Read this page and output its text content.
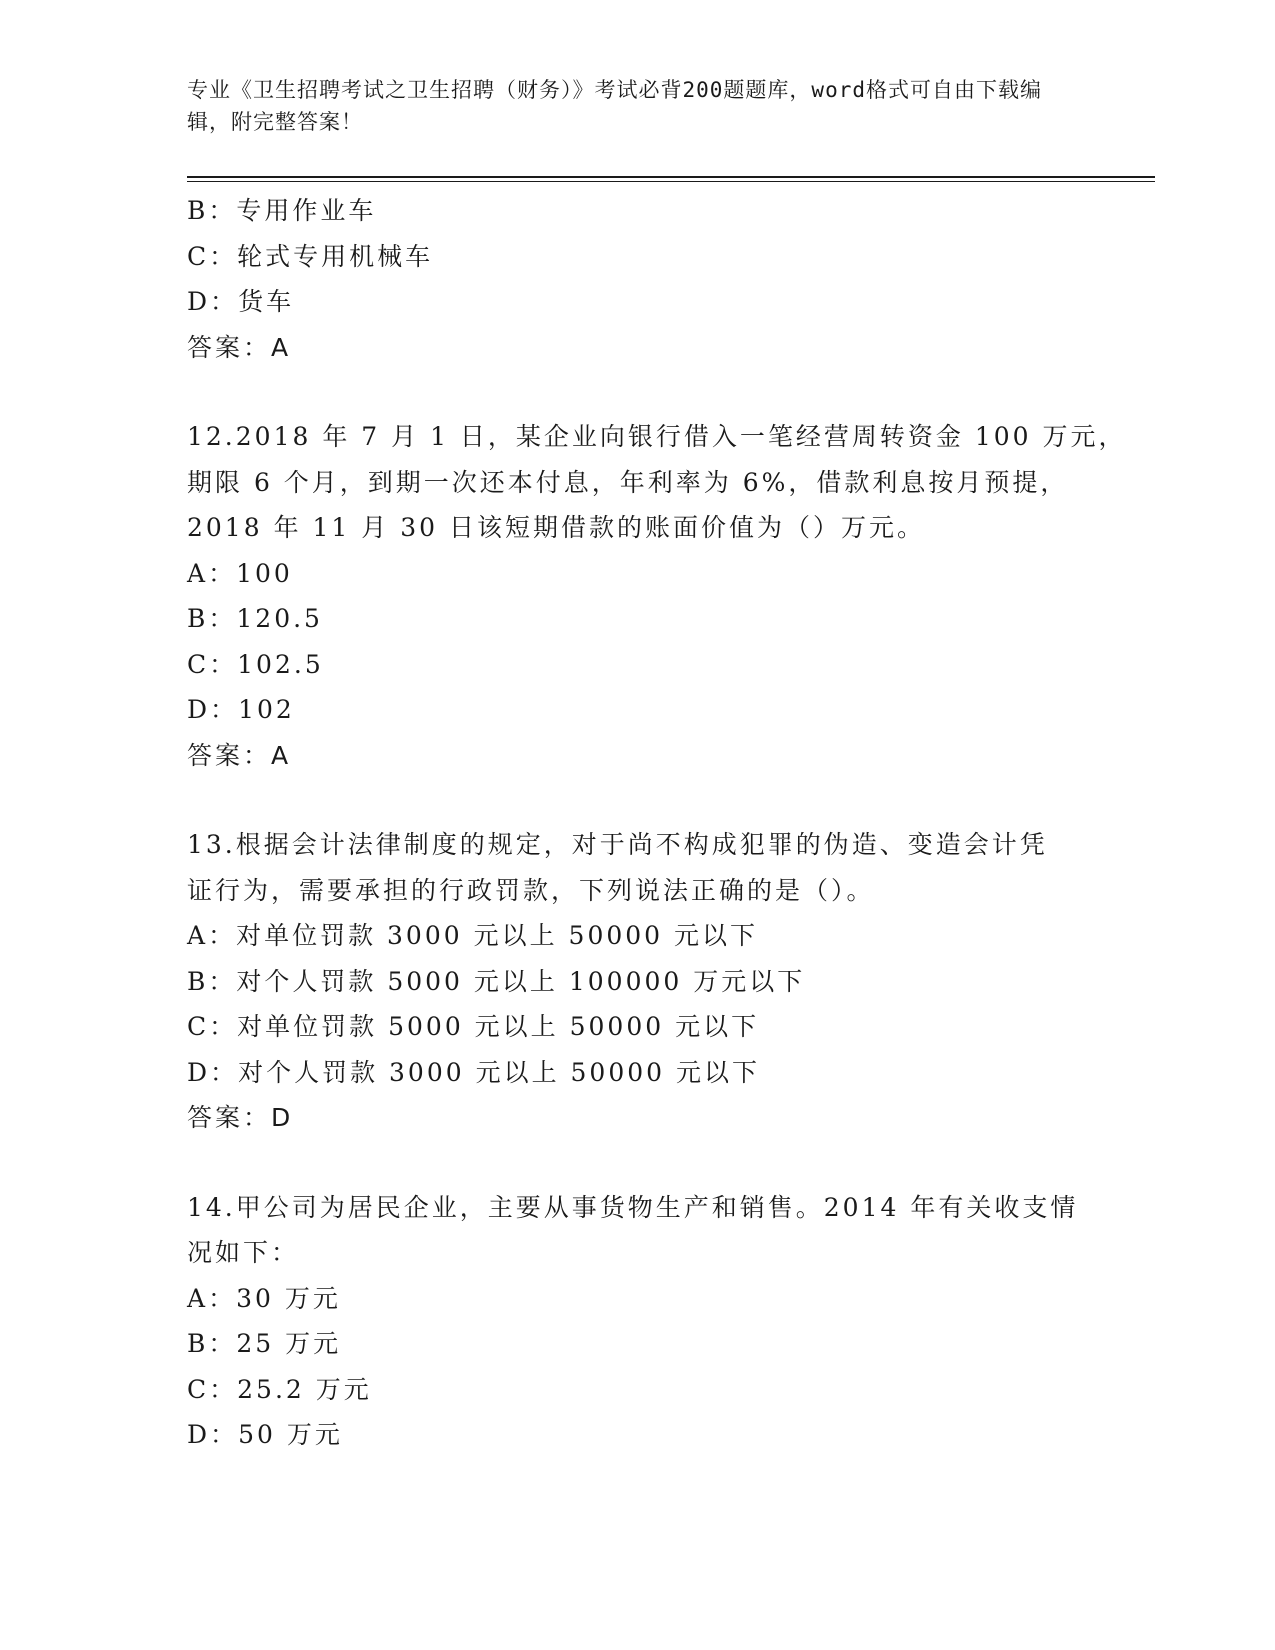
专业《卫生招聘考试之卫生招聘（财务）》考试必背200题题库，word格式可自由下载编辑，附完整答案！
B：专用作业车
C：轮式专用机械车
D：货车
答案：A
12.2018 年 7 月 1 日，某企业向银行借入一笔经营周转资金 100 万元，
期限 6 个月，到期一次还本付息，年利率为 6%，借款利息按月预提，
2018 年 11 月 30 日该短期借款的账面价值为（）万元。
A：100
B：120.5
C：102.5
D：102
答案：A
13.根据会计法律制度的规定，对于尚不构成犯罪的伪造、变造会计凭
证行为，需要承担的行政罚款，下列说法正确的是（）。
A：对单位罚款 3000 元以上 50000 元以下
B：对个人罚款 5000 元以上 100000 万元以下
C：对单位罚款 5000 元以上 50000 元以下
D：对个人罚款 3000 元以上 50000 元以下
答案：D
14.甲公司为居民企业，主要从事货物生产和销售。2014 年有关收支情
况如下：
A：30 万元
B：25 万元
C：25.2 万元
D：50 万元
